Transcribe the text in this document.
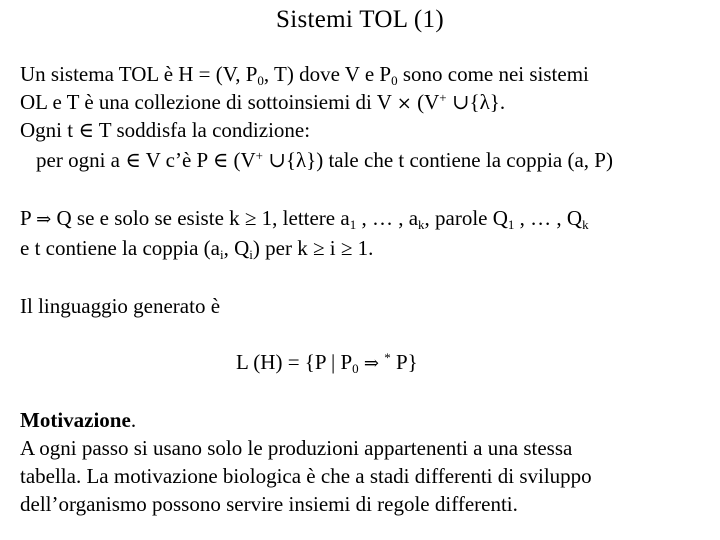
Sistemi TOL (1)
Un sistema TOL è H = (V, $P_0$, T) dove V e $P_0$ sono come nei sistemi
OL e T è una collezione di sottoinsiemi di V × (V+ ∪{λ}.
Ogni t ∈ T soddisfa la condizione:
per ogni a ∈ V c’è P ∈ (V+ ∪{λ}) tale che t contiene la coppia (a, P)
P ⇒ Q se e solo se esiste k ≥ 1, lettere $a_1$ , … , $a_k$, parole $Q_1$ , … , $Q_k$
e t contiene la coppia ($a_i$, $Q_i$) per k ≥ i ≥ 1.
Il linguaggio generato è
L (H) = {P | $P_0$ ⇒ * P}
Motivazione.
A ogni passo si usano solo le produzioni appartenenti a una stessa
tabella. La motivazione biologica è che a stadi differenti di sviluppo
dell’organismo possono servire insiemi di regole differenti.
